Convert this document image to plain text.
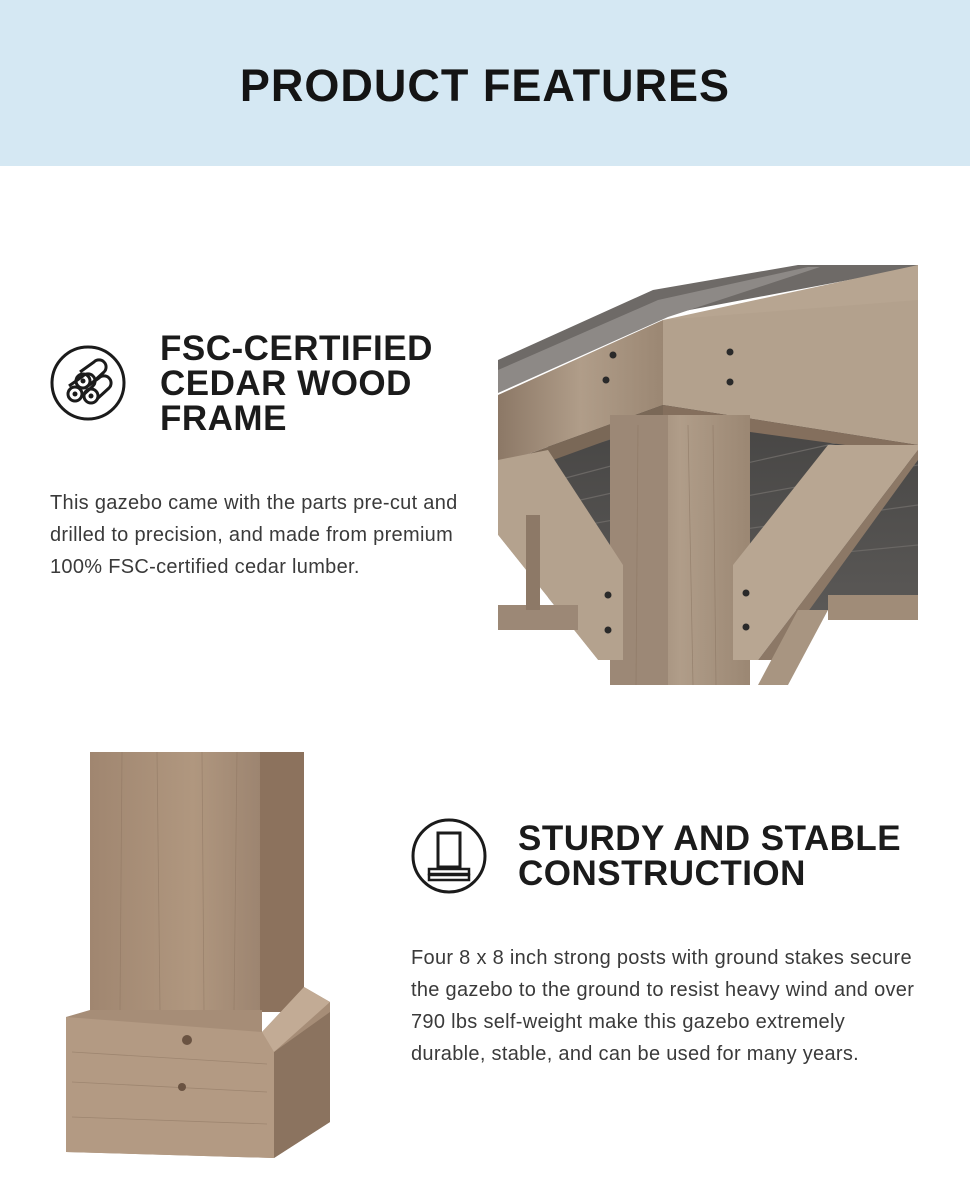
PRODUCT FEATURES
FSC-CERTIFIED
CEDAR WOOD
FRAME

This gazebo came with the parts pre-cut and drilled to precision, and made from premium 100% FSC-certified cedar lumber.

STURDY AND STABLE
CONSTRUCTION

Four 8 x 8 inch strong posts with ground stakes secure the gazebo to the ground to resist heavy wind and over 790 lbs self-weight make this gazebo extremely durable, stable, and can be used for many years.
